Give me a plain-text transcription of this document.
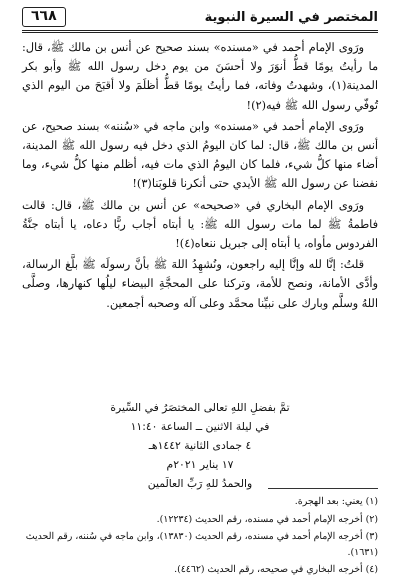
المختصر في السيرة النبوية
٦٦٨

ورَوى الإمام أحمد في «مسنده» بسند صحيح عن أنس بن مالك ﷺ، قال: ما رأيتُ يومًا قطُّ أنوَرَ ولا أحسَنَ من يوم دخل رسول الله ﷺ وأبو بكر المدينة(١)، وشهدتُ وفاته، فما رأيتُ يومًا قطُّ أظلَمَ ولا أقبَحَ من اليوم الذي تُوفّي رسول الله ﷺ فيه(٢)!

ورَوى الإمام أحمد في «مسنده» وابن ماجه في «سُننه» بسند صحيح، عن أنس بن مالك ﷺ، قال: لما كان اليومُ الذي دخل فيه رسول الله ﷺ المدينة، أضاء منها كلُّ شيء، فلما كان اليومُ الذي مات فيه، أظلم منها كلُّ شيء، وما نفضنا عن رسول الله ﷺ الأيدي حتى أنكرنا قلوبَنا(٣)!

ورَوى الإمام البخاري في «صحيحه» عن أنس بن مالك ﷺ، قال: قالت فاطمةُ ﷺ لما مات رسول الله ﷺ: يا أبتاه أجاب ربًّا دعاه، يا أبتاه جنَّةُ الفردوس مأواه، يا أبتاه إلى جبريل ننعاه(٤)!

قلتُ: إنَّا لله وإنَّا إليه راجعون، ونُشهِدُ اللهَ ﷺ بأنَّ رسولَه ﷺ بلَّغ الرسالة، وأدَّى الأمانة، ونصح للأمة، وتركنا على المحجَّةِ البيضاء ليلُها كنهارها، وصلَّى اللهُ وسلَّم وبارك على نبيِّنا محمَّد وعلى آله وصحبه أجمعين.

تمَّ بفضلِ اللهِ تعالى المختصَرُ في السِّيرة
في ليلة الاثنين ــ الساعة ١١:٤٠
٤ جمادى الثانية ١٤٤٢هـ
١٧ يناير ٢٠٢١م
والحمدُ للهِ رَبِّ العالَمين
(١) يعني: بعد الهجرة.
(٢) أخرجه الإمام أحمد في مسنده، رقم الحديث (١٢٢٣٤).
(٣) أخرجه الإمام أحمد في مسنده، رقم الحديث (١٣٨٣٠)، وابن ماجه في سُننه، رقم الحديث (١٦٣١).
(٤) أخرجه البخاري في صحيحه، رقم الحديث (٤٤٦٢).
